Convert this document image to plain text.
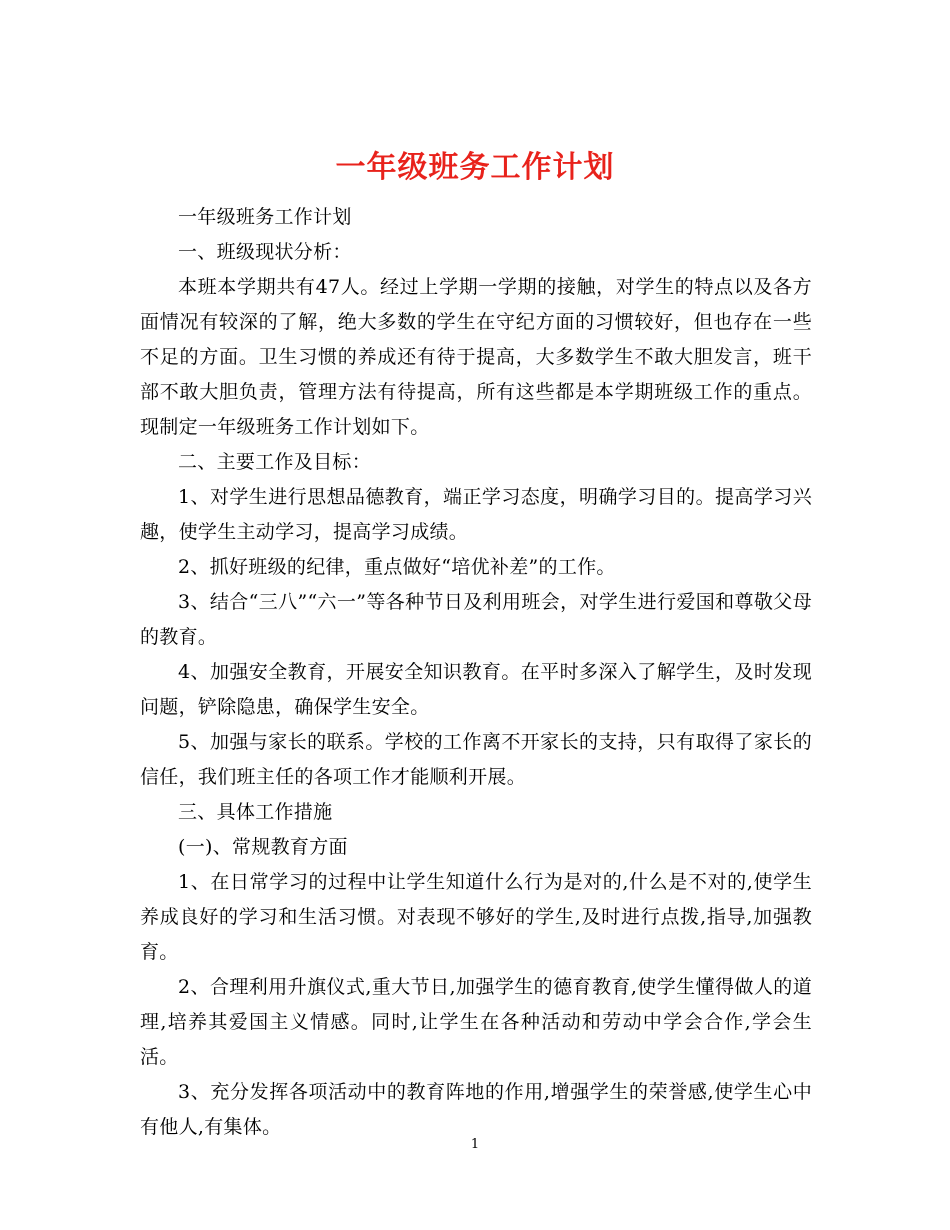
一年级班务工作计划

一年级班务工作计划

一、班级现状分析：

本班本学期共有47人。经过上学期一学期的接触，对学生的特点以及各方面情况有较深的了解，绝大多数的学生在守纪方面的习惯较好，但也存在一些不足的方面。卫生习惯的养成还有待于提高，大多数学生不敢大胆发言，班干部不敢大胆负责，管理方法有待提高，所有这些都是本学期班级工作的重点。现制定一年级班务工作计划如下。

二、主要工作及目标：

1、对学生进行思想品德教育，端正学习态度，明确学习目的。提高学习兴趣，使学生主动学习，提高学习成绩。

2、抓好班级的纪律，重点做好“培优补差”的工作。

3、结合“三八”“六一”等各种节日及利用班会，对学生进行爱国和尊敬父母的教育。

4、加强安全教育，开展安全知识教育。在平时多深入了解学生，及时发现问题，铲除隐患，确保学生安全。

5、加强与家长的联系。学校的工作离不开家长的支持，只有取得了家长的信任，我们班主任的各项工作才能顺利开展。

三、具体工作措施

(一)、常规教育方面

1、在日常学习的过程中让学生知道什么行为是对的,什么是不对的,使学生养成良好的学习和生活习惯。对表现不够好的学生,及时进行点拨,指导,加强教育。

2、合理利用升旗仪式,重大节日,加强学生的德育教育,使学生懂得做人的道理,培养其爱国主义情感。同时,让学生在各种活动和劳动中学会合作,学会生活。

3、充分发挥各项活动中的教育阵地的作用,增强学生的荣誉感,使学生心中有他人,有集体。

1
